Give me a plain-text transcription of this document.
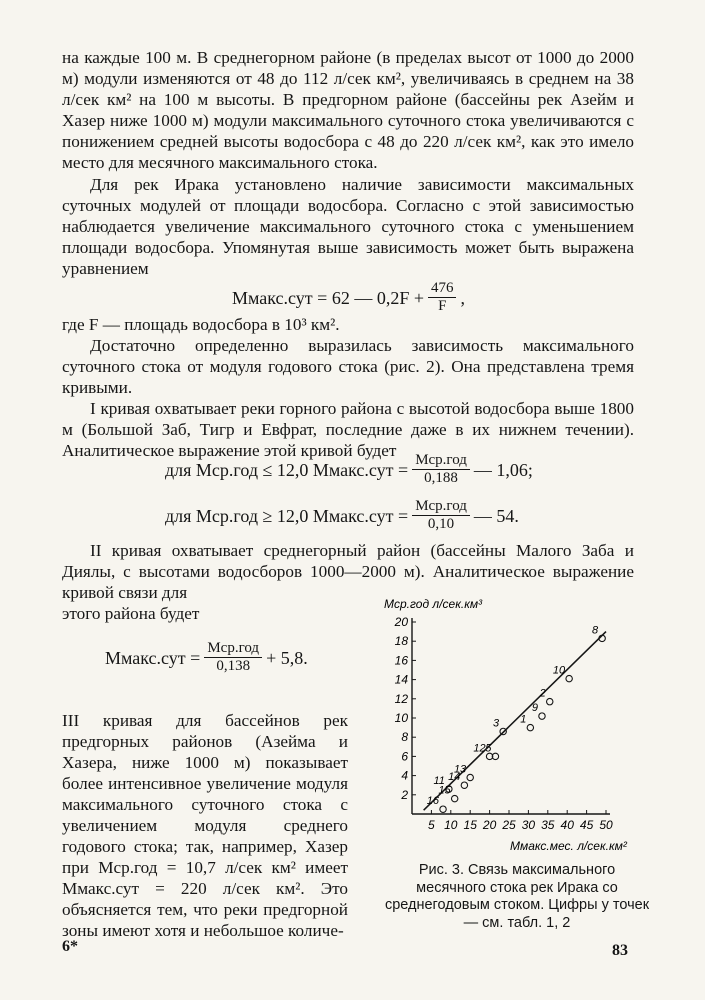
на каждые 100 м. В среднегорном районе (в пределах высот от 1000 до 2000 м) модули изменяются от 48 до 112 л/сек км², увеличиваясь в среднем на 38 л/сек км² на 100 м высоты. В предгорном районе (бассейны рек Азейм и Хазер ниже 1000 м) модули максимального суточного стока увеличиваются с понижением средней высоты водосбора с 48 до 220 л/сек км², как это имело место для месячного максимального стока.

Для рек Ирака установлено наличие зависимости максимальных суточных модулей от площади водосбора. Согласно с этой зависимостью наблюдается увеличение максимального суточного стока с уменьшением площади водосбора. Упомянутая выше зависимость может быть выражена уравнением

Mмакс.сут = 62 — $0,2F + \frac{476}{F}$ ,

где F — площадь водосбора в 10³ км².

Достаточно определенно выразилась зависимость максимального суточного стока от модуля годового стока (рис. 2). Она представлена тремя кривыми.

I кривая охватывает реки горного района с высотой водосбора выше 1800 м (Большой Заб, Тигр и Евфрат, последние даже в их нижнем течении). Аналитическое выражение этой кривой будет

для Mср.год ≤ 12,0 Mмакс.сут = $\frac{\text{Mср.год}}{0,188}$ — 1,06;
для Mср.год ≥ 12,0 Mмакс.сут = $\frac{\text{Mср.год}}{0,10}$ — 54.

II кривая охватывает среднегорный район (бассейны Малого Заба и Диялы, с высотами водосборов 1000—2000 м). Аналитическое выражение кривой связи для

этого района будет

Mмакс.сут = $\frac{\text{Mср.год}}{0,138} + 5,8$.

III кривая для бассейнов рек предгорных районов (Азейма и Хазера, ниже 1000 м) показывает более интенсивное увеличение модуля максимального суточного стока с увеличением модуля среднего годового стока; так, например, Хазер при Mср.год = 10,7 л/сек км² имеет Mмакс.сут = 220 л/сек км². Это объясняется тем, что реки предгорной зоны имеют хотя и небольшое количе-

2
4
6
8
10
12
14
16
18
20
5 10 15 20 25 30 35 40 45 50
Mср.год л/сек.км³
Mмакс.мес. л/сек.км²
8
10
2
9
3 1
12 5
13
14
11
15
16
Рис. 3. Связь максимального месячного стока рек Ирака со среднегодовым стоком. Цифры у точек — см. табл. 1, 2
6*	83
